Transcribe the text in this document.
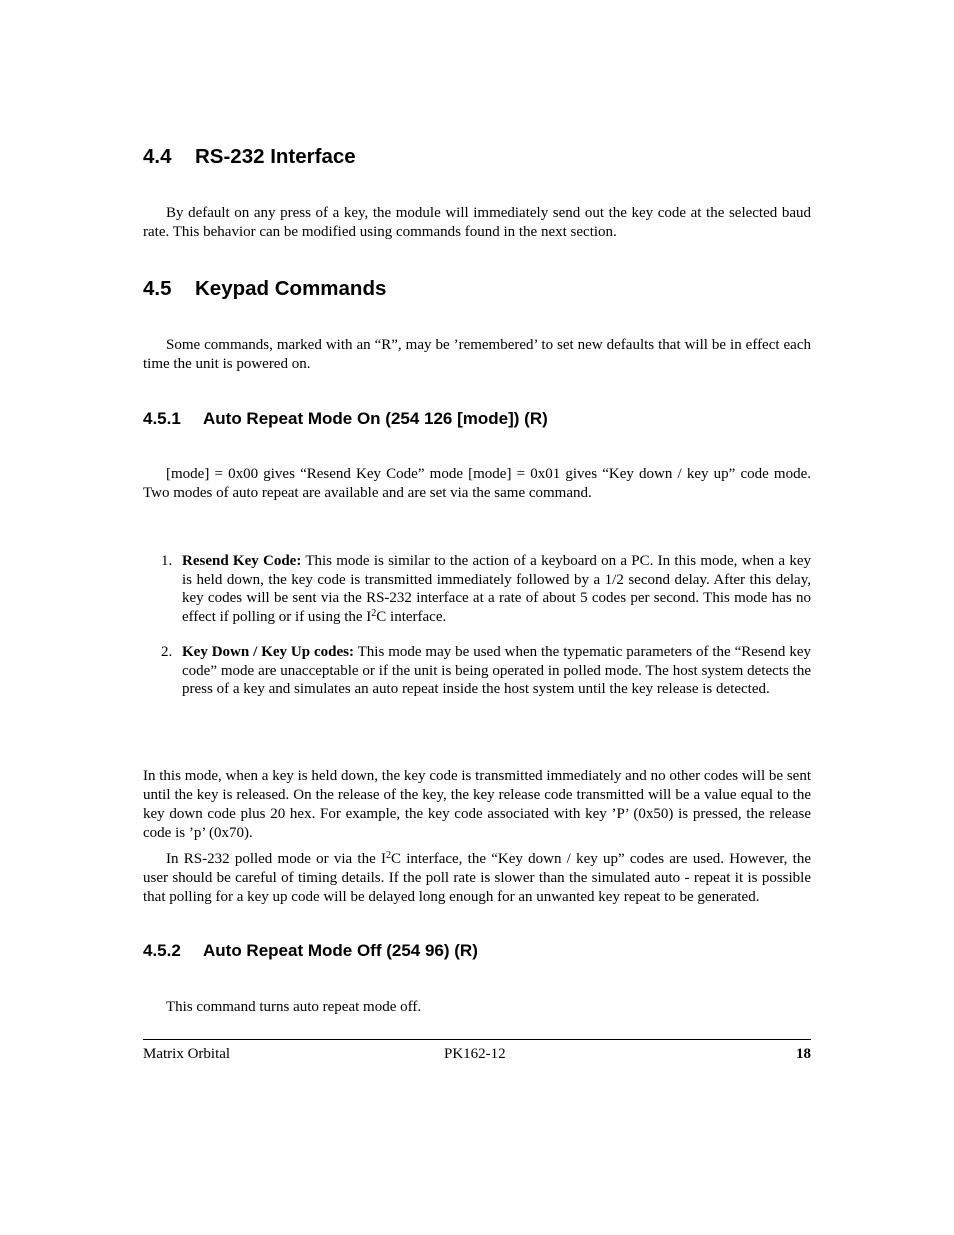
4.4 RS-232 Interface

By default on any press of a key, the module will immediately send out the key code at the selected baud rate. This behavior can be modified using commands found in the next section.

4.5 Keypad Commands

Some commands, marked with an “R”, may be ’remembered’ to set new defaults that will be in effect each time the unit is powered on.

4.5.1 Auto Repeat Mode On (254 126 [mode]) (R)

[mode] = 0x00 gives “Resend Key Code” mode [mode] = 0x01 gives “Key down / key up” code mode. Two modes of auto repeat are available and are set via the same command.

1. Resend Key Code: This mode is similar to the action of a keyboard on a PC. In this mode, when a key is held down, the key code is transmitted immediately followed by a 1/2 second delay. After this delay, key codes will be sent via the RS-232 interface at a rate of about 5 codes per second. This mode has no effect if polling or if using the $I^2C$ interface.
2. Key Down / Key Up codes: This mode may be used when the typematic parameters of the “Resend key code” mode are unacceptable or if the unit is being operated in polled mode. The host system detects the press of a key and simulates an auto repeat inside the host system until the key release is detected.

In this mode, when a key is held down, the key code is transmitted immediately and no other codes will be sent until the key is released. On the release of the key, the key release code transmitted will be a value equal to the key down code plus 20 hex. For example, the key code associated with key ’P’ (0x50) is pressed, the release code is ’p’ (0x70).

In RS-232 polled mode or via the $I^2C$ interface, the “Key down / key up” codes are used. However, the user should be careful of timing details. If the poll rate is slower than the simulated auto - repeat it is possible that polling for a key up code will be delayed long enough for an unwanted key repeat to be generated.

4.5.2 Auto Repeat Mode Off (254 96) (R)

This command turns auto repeat mode off.

Matrix Orbital	PK162-12	18
